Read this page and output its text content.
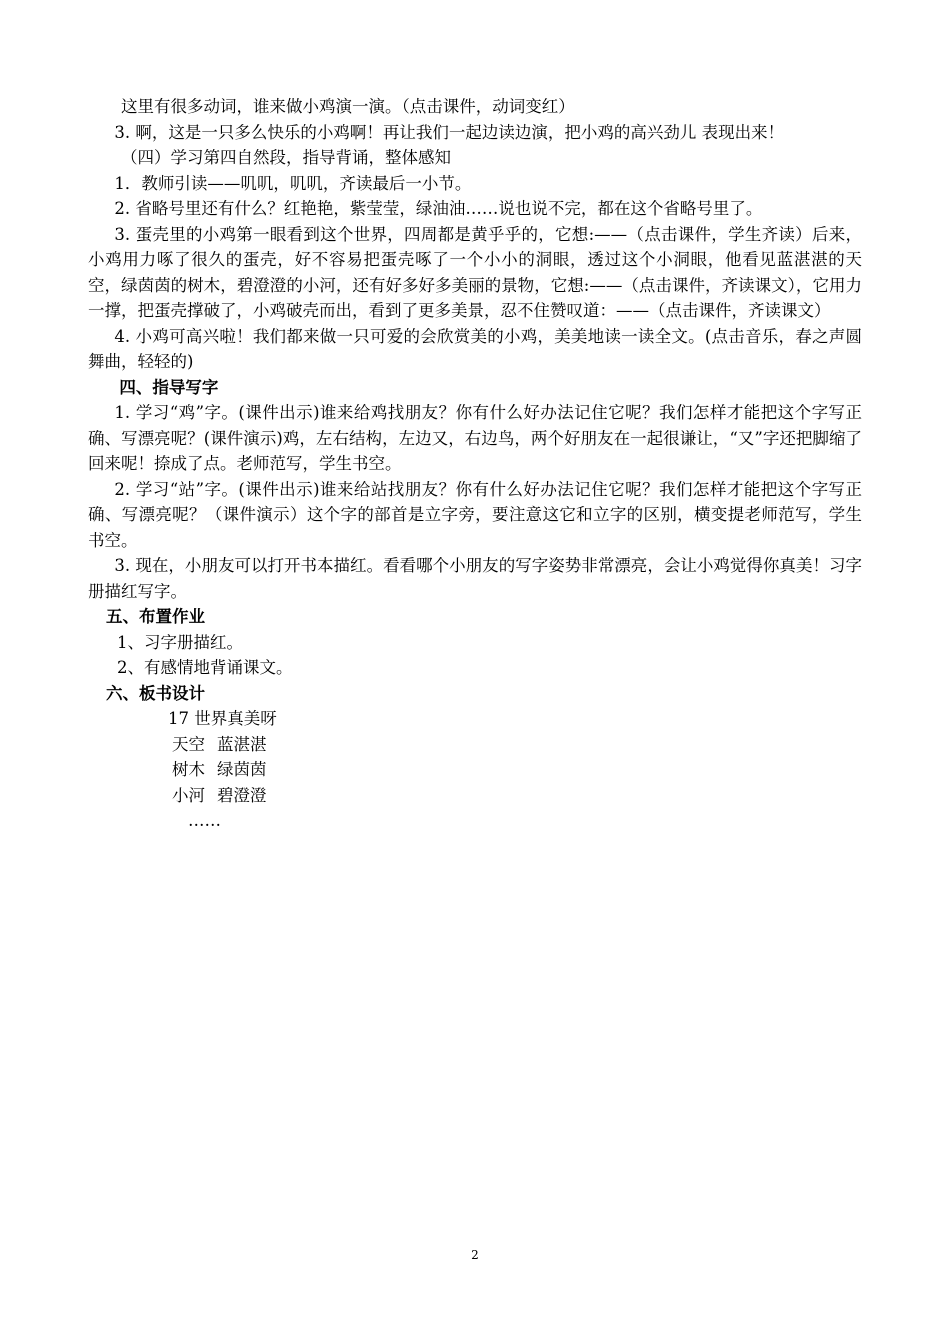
这里有很多动词，谁来做小鸡演一演。（点击课件，动词变红）

3. 啊，这是一只多么快乐的小鸡啊！再让我们一起边读边演，把小鸡的高兴劲儿 表现出来！

（四）学习第四自然段，指导背诵，整体感知

1．教师引读——叽叽，叽叽，齐读最后一小节。

2. 省略号里还有什么？红艳艳，紫莹莹，绿油油……说也说不完，都在这个省略号里了。

3. 蛋壳里的小鸡第一眼看到这个世界，四周都是黄乎乎的，它想:——（点击课件，学生齐读）后来，小鸡用力啄了很久的蛋壳，好不容易把蛋壳啄了一个小小的洞眼，透过这个小洞眼，他看见蓝湛湛的天空，绿茵茵的树木，碧澄澄的小河，还有好多好多美丽的景物，它想:——（点击课件，齐读课文），它用力一撑，把蛋壳撑破了，小鸡破壳而出，看到了更多美景，忍不住赞叹道：——（点击课件，齐读课文）

4. 小鸡可高兴啦！我们都来做一只可爱的会欣赏美的小鸡，美美地读一读全文。(点击音乐，春之声圆舞曲，轻轻的)

四、指导写字

1. 学习“鸡”字。(课件出示)谁来给鸡找朋友？你有什么好办法记住它呢？我们怎样才能把这个字写正确、写漂亮呢？(课件演示)鸡，左右结构，左边又，右边鸟，两个好朋友在一起很谦让，“又”字还把脚缩了回来呢！捺成了点。老师范写，学生书空。

2. 学习“站”字。(课件出示)谁来给站找朋友？你有什么好办法记住它呢？我们怎样才能把这个字写正确、写漂亮呢？（课件演示）这个字的部首是立字旁，要注意这它和立字的区别，横变提老师范写，学生书空。

3. 现在，小朋友可以打开书本描红。看看哪个小朋友的写字姿势非常漂亮，会让小鸡觉得你真美！习字册描红写字。

五、布置作业

1、习字册描红。

2、有感情地背诵课文。

六、板书设计

17 世界真美呀

天空 蓝湛湛

树木 绿茵茵

小河 碧澄澄

……

2
